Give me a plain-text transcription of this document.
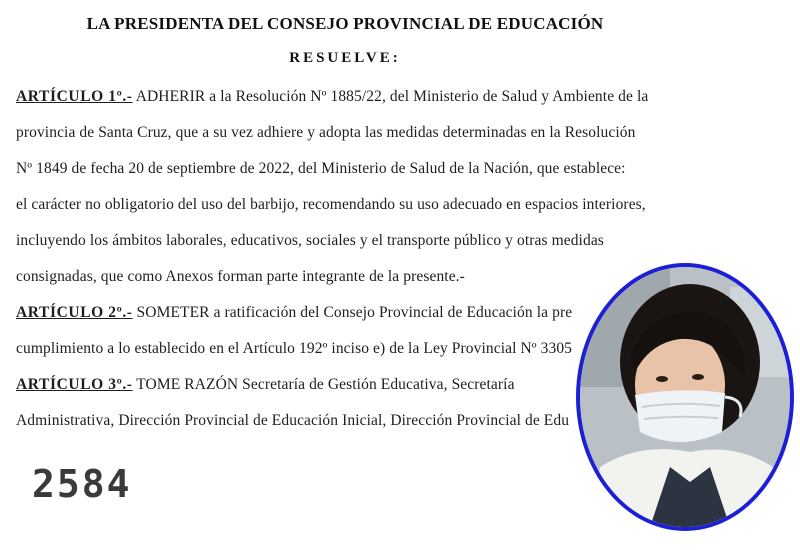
LA PRESIDENTA DEL CONSEJO PROVINCIAL DE EDUCACIÓN
RESUELVE:
ARTÍCULO 1º.- ADHERIR a la Resolución Nº 1885/22, del Ministerio de Salud y Ambiente de la
provincia de Santa Cruz, que a su vez adhiere y adopta las medidas determinadas en la Resolución
Nº 1849 de fecha 20 de septiembre de 2022, del Ministerio de Salud de la Nación, que establece:
el carácter no obligatorio del uso del barbijo, recomendando su uso adecuado en espacios interiores,
incluyendo los ámbitos laborales, educativos, sociales y el transporte público y otras medidas
consignadas, que como Anexos forman parte integrante de la presente.-
ARTÍCULO 2º.- SOMETER a ratificación del Consejo Provincial de Educación la pre
cumplimiento a lo establecido en el Artículo 192º inciso e) de la Ley Provincial Nº 3305
ARTÍCULO 3º.- TOME RAZÓN Secretaría de Gestión Educativa, Secretaría
Administrativa, Dirección Provincial de Educación Inicial, Dirección Provincial de Edu
2584
